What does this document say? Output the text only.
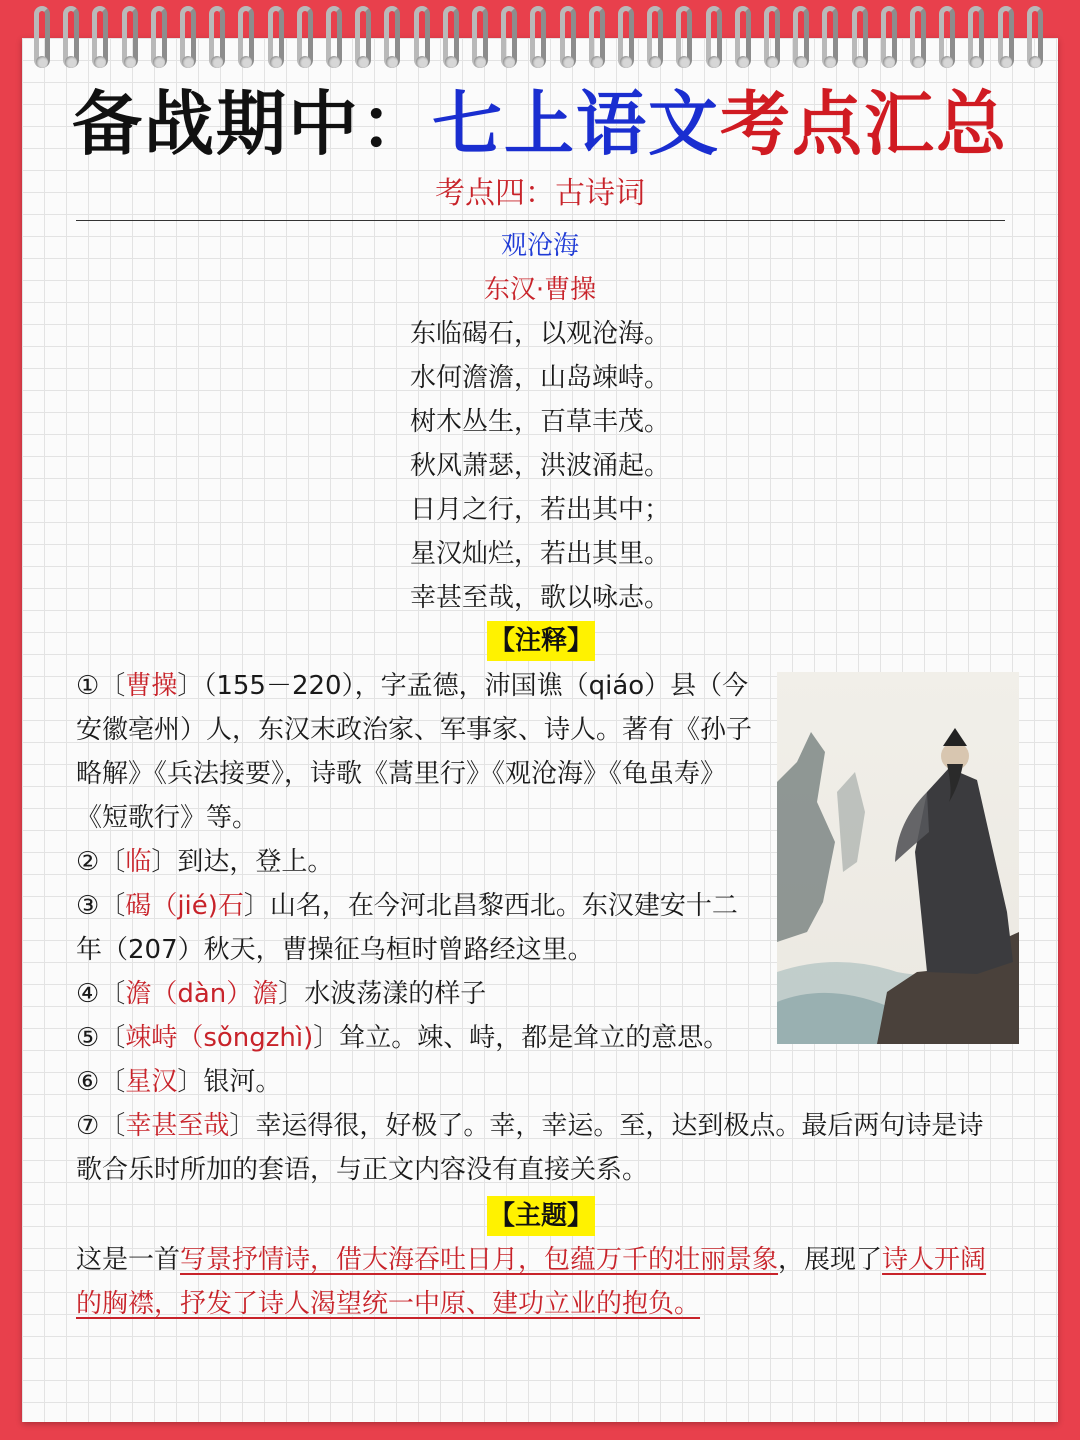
备战期中：七上语文考点汇总
考点四：古诗词
观沧海
东汉·曹操
东临碣石，以观沧海。
水何澹澹，山岛竦峙。
树木丛生，百草丰茂。
秋风萧瑟，洪波涌起。
日月之行，若出其中；
星汉灿烂，若出其里。
幸甚至哉，歌以咏志。
【注释】
①〔曹操〕（155－220），字孟德，沛国谯（qiáo）县（今安徽亳州）人，东汉末政治家、军事家、诗人。著有《孙子略解》《兵法接要》，诗歌《蒿里行》《观沧海》《龟虽寿》《短歌行》等。
②〔临〕到达，登上。
③〔碣（jié)石〕山名，在今河北昌黎西北。东汉建安十二年（207）秋天，曹操征乌桓时曾路经这里。
④〔澹（dàn）澹〕水波荡漾的样子
⑤〔竦峙（sǒngzhì)〕耸立。竦、峙，都是耸立的意思。
⑥〔星汉〕银河。
⑦〔幸甚至哉〕幸运得很，好极了。幸，幸运。至，达到极点。最后两句诗是诗歌合乐时所加的套语，与正文内容没有直接关系。
【主题】
这是一首写景抒情诗，借大海吞吐日月，包蕴万千的壮丽景象，展现了诗人开阔的胸襟，抒发了诗人渴望统一中原、建功立业的抱负。
